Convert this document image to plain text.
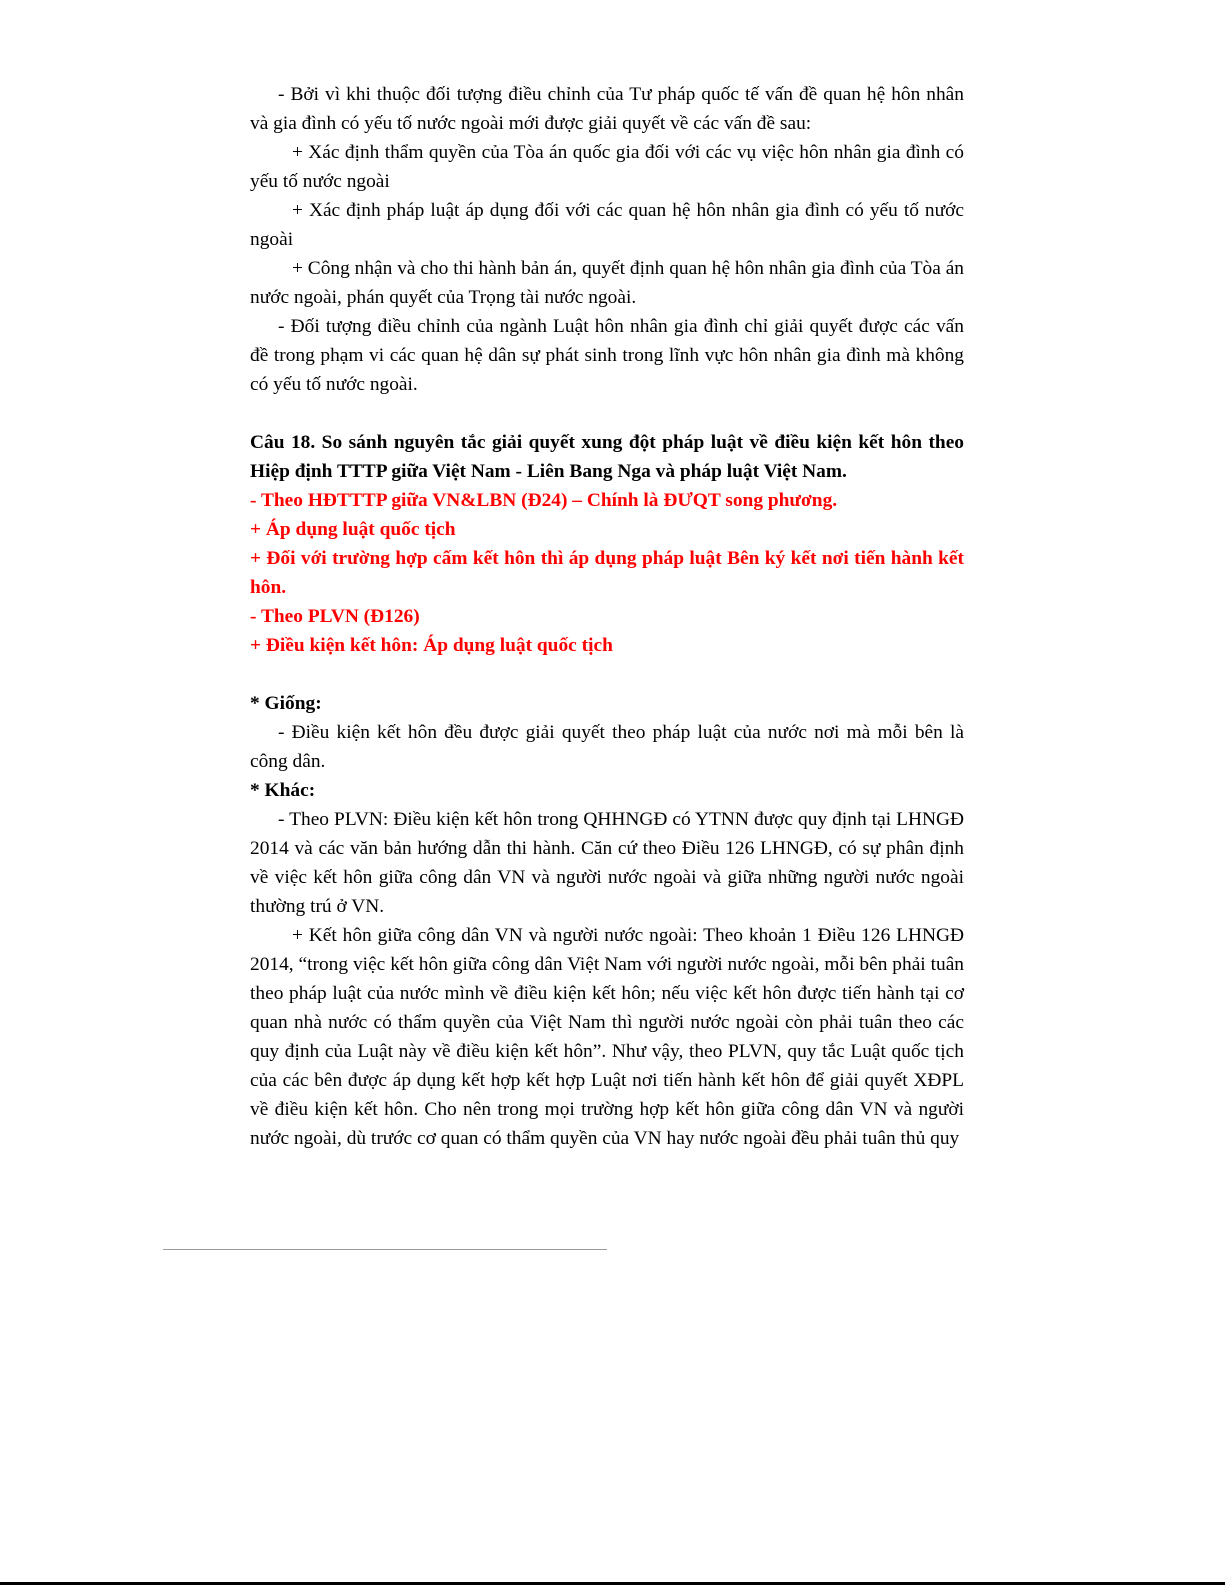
- Bởi vì khi thuộc đối tượng điều chỉnh của Tư pháp quốc tế vấn đề quan hệ hôn nhân và gia đình có yếu tố nước ngoài mới được giải quyết về các vấn đề sau:

+ Xác định thẩm quyền của Tòa án quốc gia đối với các vụ việc hôn nhân gia đình có yếu tố nước ngoài

+ Xác định pháp luật áp dụng đối với các quan hệ hôn nhân gia đình có yếu tố nước ngoài

+ Công nhận và cho thi hành bản án, quyết định quan hệ hôn nhân gia đình của Tòa án nước ngoài, phán quyết của Trọng tài nước ngoài.

- Đối tượng điều chỉnh của ngành Luật hôn nhân gia đình chỉ giải quyết được các vấn đề trong phạm vi các quan hệ dân sự phát sinh trong lĩnh vực hôn nhân gia đình mà không có yếu tố nước ngoài.

Câu 18. So sánh nguyên tắc giải quyết xung đột pháp luật về điều kiện kết hôn theo Hiệp định TTTP giữa Việt Nam - Liên Bang Nga và pháp luật Việt Nam.

- Theo HĐTTTP giữa VN&LBN (Đ24) – Chính là ĐƯQT song phương.

+ Áp dụng luật quốc tịch

+ Đối với trường hợp cấm kết hôn thì áp dụng pháp luật Bên ký kết nơi tiến hành kết hôn.

- Theo PLVN (Đ126)

+ Điều kiện kết hôn: Áp dụng luật quốc tịch

* Giống:

- Điều kiện kết hôn đều được giải quyết theo pháp luật của nước nơi mà mỗi bên là công dân.

* Khác:

- Theo PLVN: Điều kiện kết hôn trong QHHNGĐ có YTNN được quy định tại LHNGĐ 2014 và các văn bản hướng dẫn thi hành. Căn cứ theo Điều 126 LHNGĐ, có sự phân định về việc kết hôn giữa công dân VN và người nước ngoài và giữa những người nước ngoài thường trú ở VN.

+ Kết hôn giữa công dân VN và người nước ngoài: Theo khoản 1 Điều 126 LHNGĐ 2014, “trong việc kết hôn giữa công dân Việt Nam với người nước ngoài, mỗi bên phải tuân theo pháp luật của nước mình về điều kiện kết hôn; nếu việc kết hôn được tiến hành tại cơ quan nhà nước có thẩm quyền của Việt Nam thì người nước ngoài còn phải tuân theo các quy định của Luật này về điều kiện kết hôn”. Như vậy, theo PLVN, quy tắc Luật quốc tịch của các bên được áp dụng kết hợp kết hợp Luật nơi tiến hành kết hôn để giải quyết XĐPL về điều kiện kết hôn. Cho nên trong mọi trường hợp kết hôn giữa công dân VN và người nước ngoài, dù trước cơ quan có thẩm quyền của VN hay nước ngoài đều phải tuân thủ quy
